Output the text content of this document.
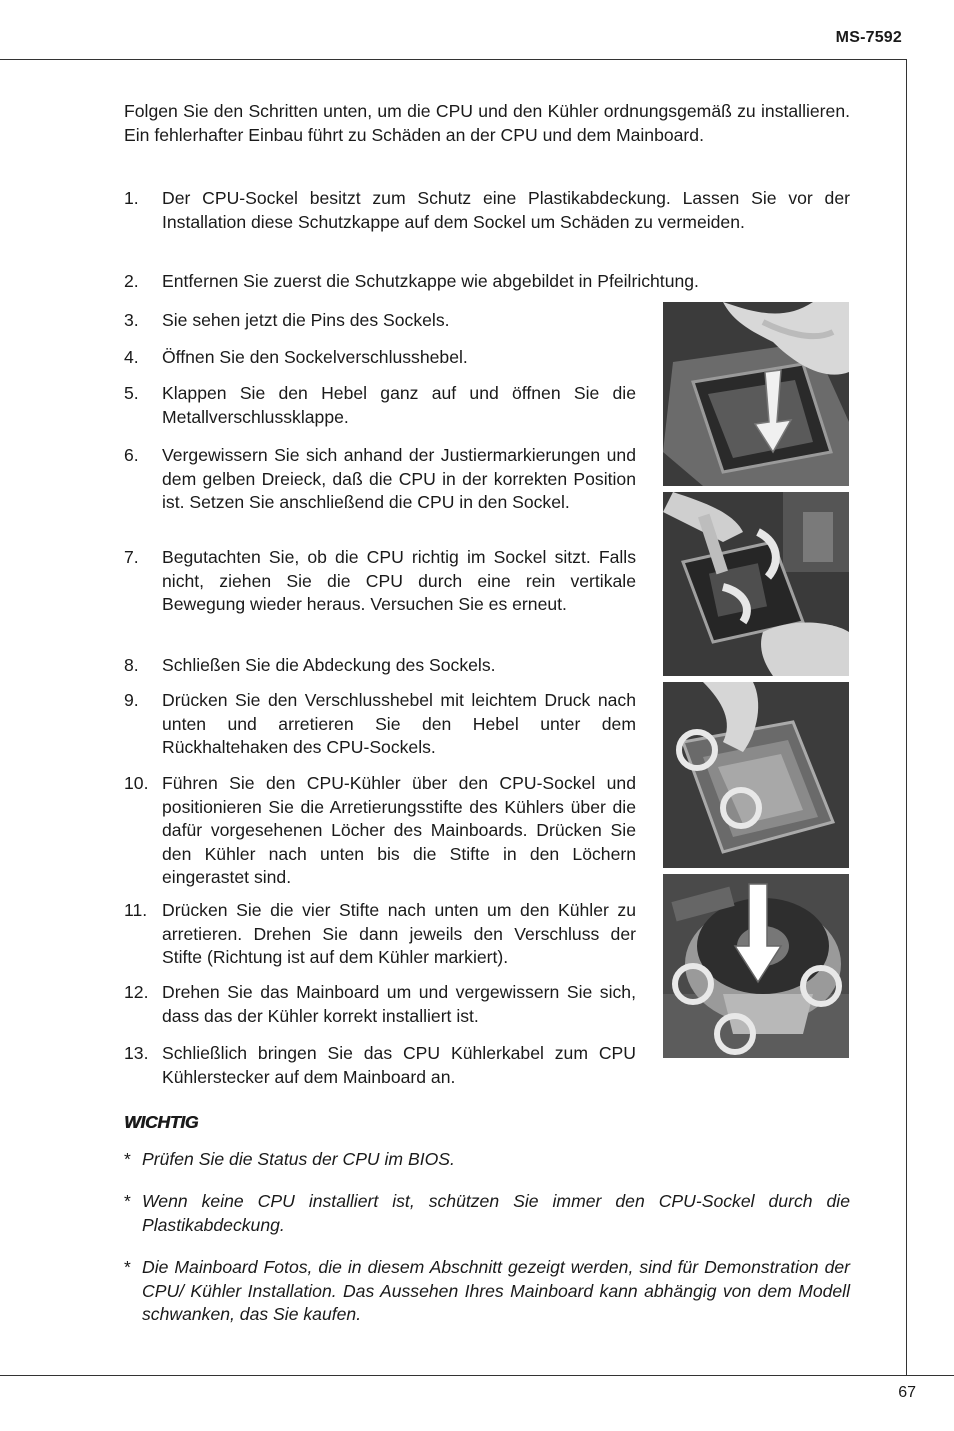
MS-7592
67

Folgen Sie den Schritten unten, um die CPU und den Kühler ordnungsgemäß zu installieren. Ein fehlerhafter Einbau führt zu Schäden an der CPU und dem Mainboard.

1. Der CPU-Sockel besitzt zum Schutz eine Plastikabdeckung. Lassen Sie vor der Installation diese Schutzkappe auf dem Sockel um Schäden zu vermeiden.
2. Entfernen Sie zuerst die Schutzkappe wie abgebildet in Pfeilrichtung.
3. Sie sehen jetzt die Pins des Sockels.
4. Öffnen Sie den Sockelverschlusshebel.
5. Klappen Sie den Hebel ganz auf und öffnen Sie die Metallverschlussklappe.
6. Vergewissern Sie sich anhand der Justiermarkierungen und dem gelben Dreieck, daß die CPU in der korrekten Position ist. Setzen Sie anschließend die CPU in den Sockel.
7. Begutachten Sie, ob die CPU richtig im Sockel sitzt. Falls nicht, ziehen Sie die CPU durch eine rein vertikale Bewegung wieder heraus. Versuchen Sie es erneut.
8. Schließen Sie die Abdeckung des Sockels.
9. Drücken Sie den Verschlusshebel mit leichtem Druck nach unten und arretieren Sie den Hebel unter dem Rückhaltehaken des CPU-Sockels.
10. Führen Sie den CPU-Kühler über den CPU-Sockel und positionieren Sie die Arretierungsstifte des Kühlers über die dafür vorgesehenen Löcher des Mainboards. Drücken Sie den Kühler nach unten bis die Stifte in den Löchern eingerastet sind.
11. Drücken Sie die vier Stifte nach unten um den Kühler zu arretieren. Drehen Sie dann jeweils den Verschluss der Stifte (Richtung ist auf dem Kühler markiert).
12. Drehen Sie das Mainboard um und vergewissern Sie sich, dass das der Kühler korrekt installiert ist.
13. Schließlich bringen Sie das CPU Kühlerkabel zum CPU Kühlerstecker auf dem Mainboard an.
WICHTIG
* Prüfen Sie die Status der CPU im BIOS.
* Wenn keine CPU installiert ist, schützen Sie immer den CPU-Sockel durch die Plastikabdeckung.
* Die Mainboard Fotos, die in diesem Abschnitt gezeigt werden, sind für Demonstration der CPU/ Kühler Installation. Das Aussehen Ihres Mainboard kann abhängig von dem Modell schwanken, das Sie kaufen.
